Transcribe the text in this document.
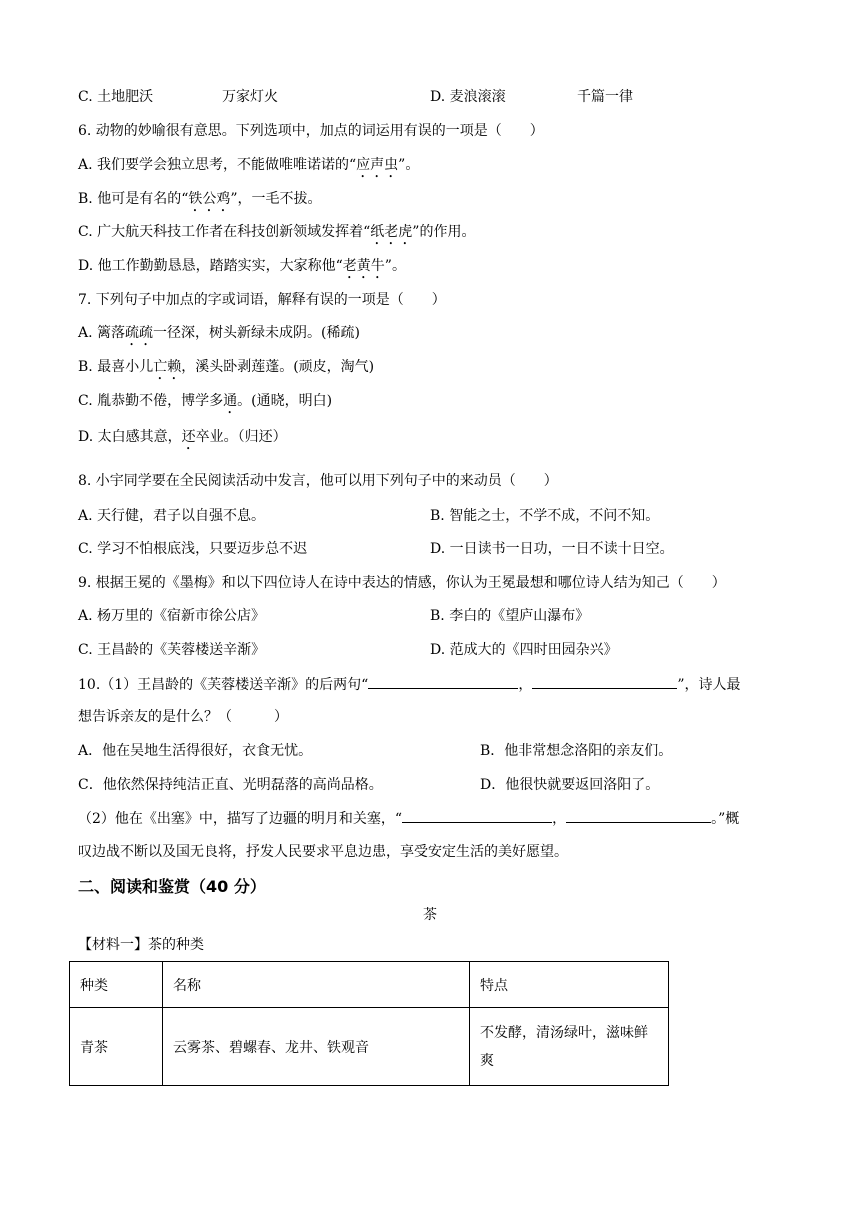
C. 土地肥沃	万家灯火	D. 麦浪滚滚	千篇一律
6. 动物的妙喻很有意思。下列选项中，加点的词运用有误的一项是（　　）
A. 我们要学会独立思考，不能做唯唯诺诺的“应声虫”。
B. 他可是有名的“铁公鸡”，一毛不拔。
C. 广大航天科技工作者在科技创新领域发挥着“纸老虎”的作用。
D. 他工作勤勤恳恳，踏踏实实，大家称他“老黄牛”。
7. 下列句子中加点的字或词语，解释有误的一项是（　　）
A. 篱落疏疏一径深，树头新绿未成阴。(稀疏)
B. 最喜小儿亡赖，溪头卧剥莲蓬。(顽皮，淘气)
C. 胤恭勤不倦，博学多通。(通晓，明白)
D. 太白感其意，还卒业。（归还）
8. 小宇同学要在全民阅读活动中发言，他可以用下列句子中的来动员（　　）
A. 天行健，君子以自强不息。	B. 智能之士，不学不成，不问不知。
C. 学习不怕根底浅，只要迈步总不迟	D. 一日读书一日功，一日不读十日空。
9. 根据王冕的《墨梅》和以下四位诗人在诗中表达的情感，你认为王冕最想和哪位诗人结为知己（　　）
A. 杨万里的《宿新市徐公店》	B. 李白的《望庐山瀑布》
C. 王昌龄的《芙蓉楼送辛渐》	D. 范成大的《四时田园杂兴》
10.（1）王昌龄的《芙蓉楼送辛渐》的后两句“	，	”，诗人最
想告诉亲友的是什么？（　　　）
A．他在吴地生活得很好，衣食无忧。	B．他非常想念洛阳的亲友们。
C．他依然保持纯洁正直、光明磊落的高尚品格。	D．他很快就要返回洛阳了。
（2）他在《出塞》中，描写了边疆的明月和关塞，“	，	。”概
叹边战不断以及国无良将，抒发人民要求平息边患，享受安定生活的美好愿望。
二、阅读和鉴赏（40 分）
茶
【材料一】茶的种类
种类	名称	特点
青茶	云雾茶、碧螺春、龙井、铁观音	不发酵，清汤绿叶，滋味鲜
爽
